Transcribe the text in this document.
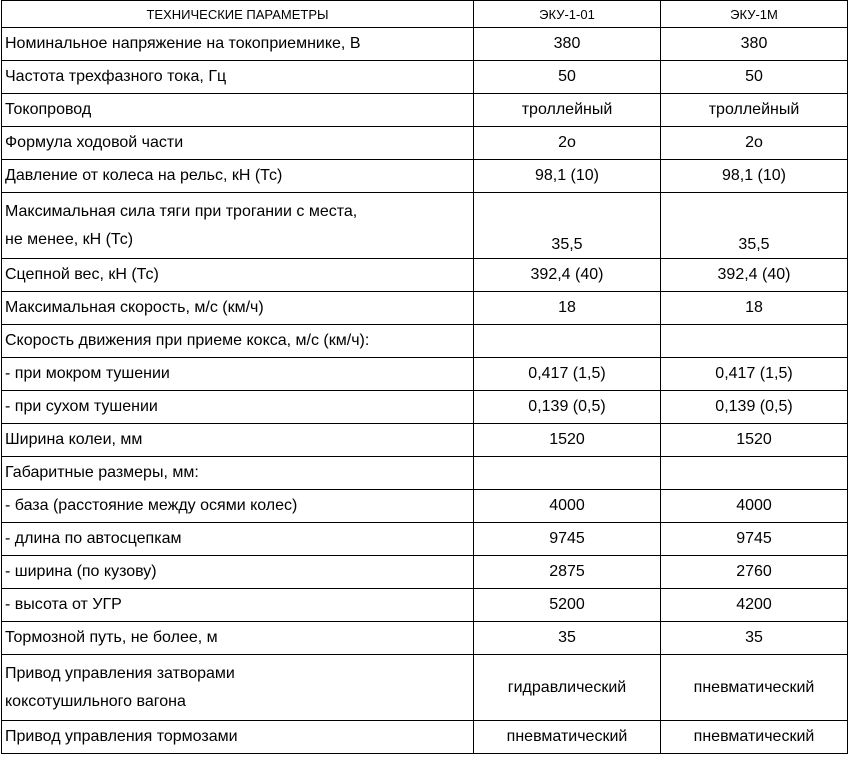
ТЕХНИЧЕСКИЕ ПАРАМЕТРЫ	ЭКУ-1-01	ЭКУ-1М
Номинальное напряжение на токоприемнике, В	380	380
Частота трехфазного тока, Гц	50	50
Токопровод	троллейный	троллейный
Формула ходовой части	2о	2о
Давление от колеса на рельс, кН (Тс)	98,1 (10)	98,1 (10)

Максимальная сила тяги при трогании с места,
не менее, кН (Тс)	35,5	35,5
Сцепной вес, кН (Тс)	392,4 (40)	392,4 (40)
Максимальная скорость, м/с (км/ч)	18	18
Скорость движения при приеме кокса, м/с (км/ч):		
- при мокром тушении	0,417 (1,5)	0,417 (1,5)
- при сухом тушении	0,139 (0,5)	0,139 (0,5)
Ширина колеи, мм	1520	1520
Габаритные размеры, мм:		
- база (расстояние между осями колес)	4000	4000
- длина по автосцепкам	9745	9745
- ширина (по кузову)	2875	2760
- высота от УГР	5200	4200
Тормозной путь, не более, м	35	35

Привод управления затворами
коксотушильного вагона	гидравлический	пневматический
Привод управления тормозами	пневматический	пневматический
